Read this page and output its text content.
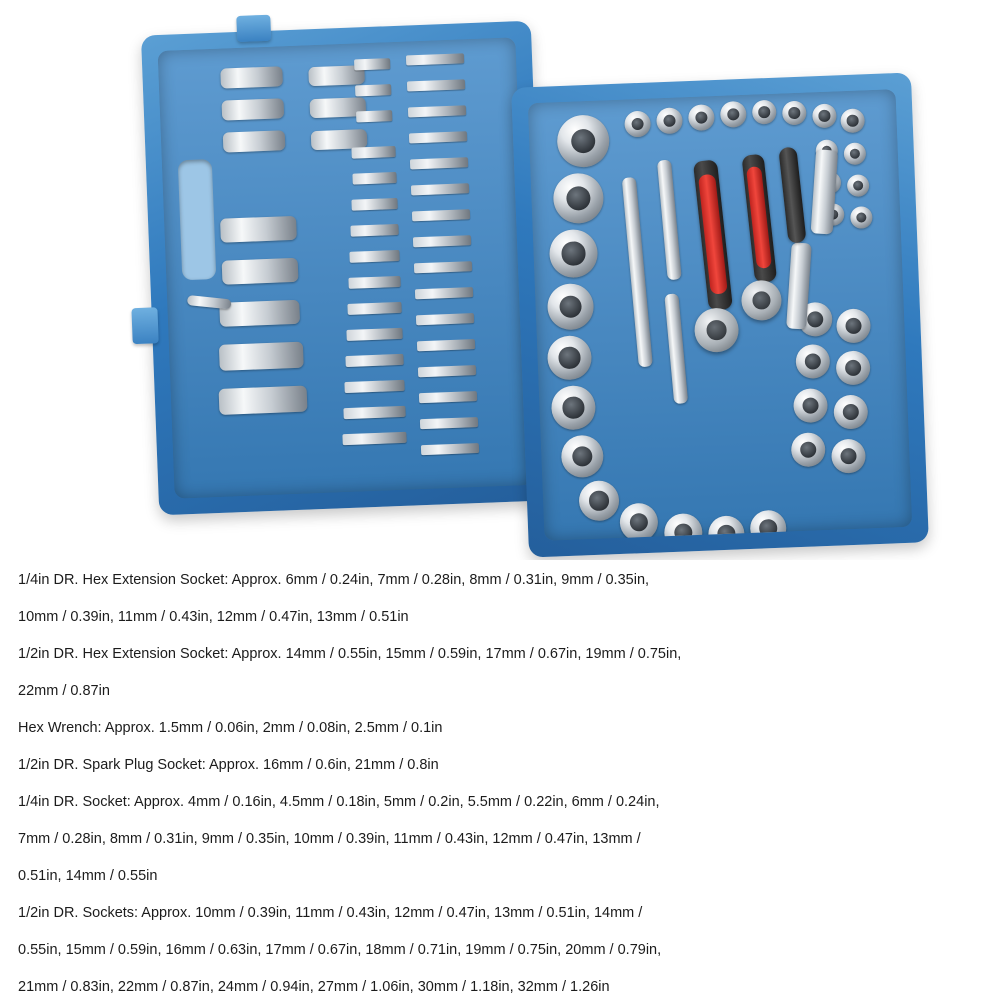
1/4in DR. Hex Extension Socket: Approx. 6mm / 0.24in, 7mm / 0.28in, 8mm / 0.31in, 9mm / 0.35in,
10mm / 0.39in, 11mm / 0.43in, 12mm / 0.47in, 13mm / 0.51in
1/2in DR. Hex Extension Socket: Approx. 14mm / 0.55in, 15mm / 0.59in, 17mm / 0.67in, 19mm / 0.75in,
22mm / 0.87in
Hex Wrench: Approx. 1.5mm / 0.06in, 2mm / 0.08in, 2.5mm / 0.1in
1/2in DR. Spark Plug Socket: Approx. 16mm / 0.6in, 21mm / 0.8in
1/4in DR. Socket: Approx. 4mm / 0.16in, 4.5mm / 0.18in, 5mm / 0.2in, 5.5mm / 0.22in, 6mm / 0.24in,
7mm / 0.28in, 8mm / 0.31in, 9mm / 0.35in, 10mm / 0.39in, 11mm / 0.43in, 12mm / 0.47in, 13mm /
0.51in, 14mm / 0.55in
1/2in DR. Sockets: Approx. 10mm / 0.39in, 11mm / 0.43in, 12mm / 0.47in, 13mm / 0.51in, 14mm /
0.55in, 15mm / 0.59in, 16mm / 0.63in, 17mm / 0.67in, 18mm / 0.71in, 19mm / 0.75in, 20mm / 0.79in,
21mm / 0.83in, 22mm / 0.87in, 24mm / 0.94in, 27mm / 1.06in, 30mm / 1.18in, 32mm / 1.26in
